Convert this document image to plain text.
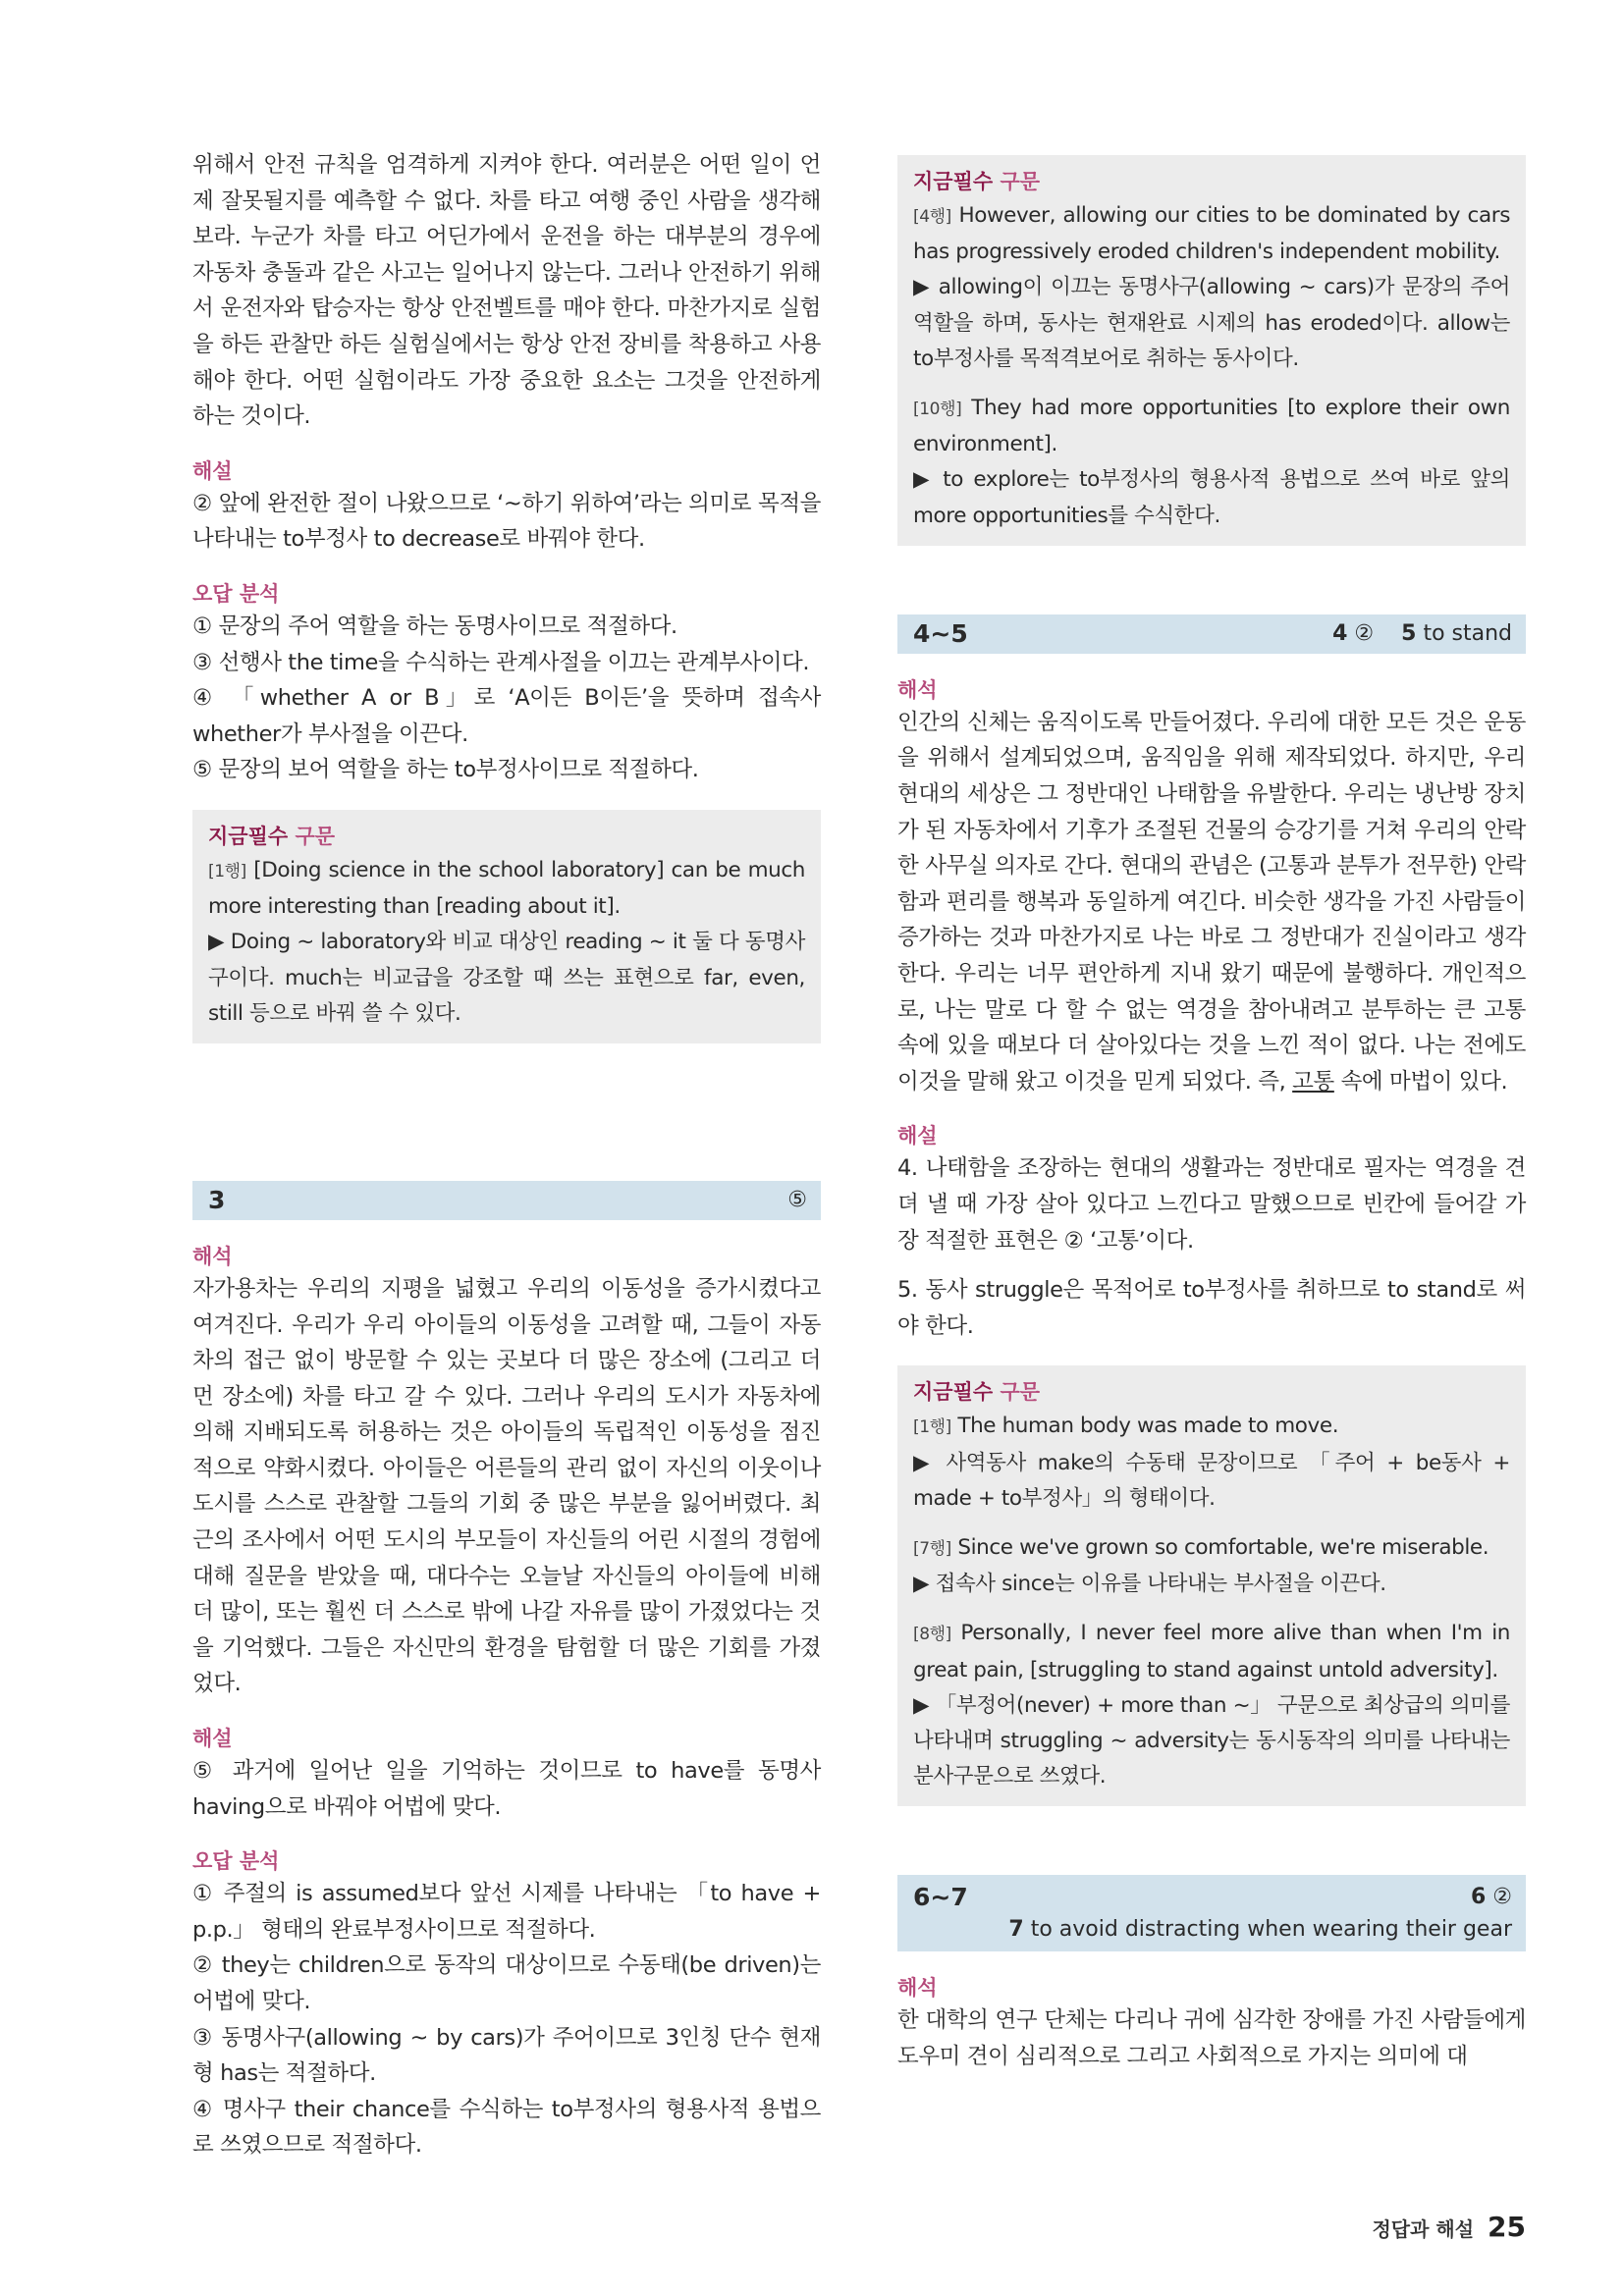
위해서 안전 규칙을 엄격하게 지켜야 한다. 여러분은 어떤 일이 언제 잘못될지를 예측할 수 없다. 차를 타고 여행 중인 사람을 생각해 보라. 누군가 차를 타고 어딘가에서 운전을 하는 대부분의 경우에 자동차 충돌과 같은 사고는 일어나지 않는다. 그러나 안전하기 위해서 운전자와 탑승자는 항상 안전벨트를 매야 한다. 마찬가지로 실험을 하든 관찰만 하든 실험실에서는 항상 안전 장비를 착용하고 사용해야 한다. 어떤 실험이라도 가장 중요한 요소는 그것을 안전하게 하는 것이다.

해설

② 앞에 완전한 절이 나왔으므로 ‘~하기 위하여’라는 의미로 목적을 나타내는 to부정사 to decrease로 바꿔야 한다.

오답 분석

① 문장의 주어 역할을 하는 동명사이므로 적절하다.

③ 선행사 the time을 수식하는 관계사절을 이끄는 관계부사이다.

④ 「whether A or B」로 ‘A이든 B이든’을 뜻하며 접속사 whether가 부사절을 이끈다.

⑤ 문장의 보어 역할을 하는 to부정사이므로 적절하다.

지금필수 구문

[1행] [Doing science in the school laboratory] can be much more interesting than [reading about it].

▶ Doing ~ laboratory와 비교 대상인 reading ~ it 둘 다 동명사구이다. much는 비교급을 강조할 때 쓰는 표현으로 far, even, still 등으로 바꿔 쓸 수 있다.

3	⑤

해석

자가용차는 우리의 지평을 넓혔고 우리의 이동성을 증가시켰다고 여겨진다. 우리가 우리 아이들의 이동성을 고려할 때, 그들이 자동차의 접근 없이 방문할 수 있는 곳보다 더 많은 장소에 (그리고 더 먼 장소에) 차를 타고 갈 수 있다. 그러나 우리의 도시가 자동차에 의해 지배되도록 허용하는 것은 아이들의 독립적인 이동성을 점진적으로 약화시켰다. 아이들은 어른들의 관리 없이 자신의 이웃이나 도시를 스스로 관찰할 그들의 기회 중 많은 부분을 잃어버렸다. 최근의 조사에서 어떤 도시의 부모들이 자신들의 어린 시절의 경험에 대해 질문을 받았을 때, 대다수는 오늘날 자신들의 아이들에 비해 더 많이, 또는 훨씬 더 스스로 밖에 나갈 자유를 많이 가졌었다는 것을 기억했다. 그들은 자신만의 환경을 탐험할 더 많은 기회를 가졌었다.

해설

⑤ 과거에 일어난 일을 기억하는 것이므로 to have를 동명사 having으로 바꿔야 어법에 맞다.

오답 분석

① 주절의 is assumed보다 앞선 시제를 나타내는 「to have + p.p.」 형태의 완료부정사이므로 적절하다.

② they는 children으로 동작의 대상이므로 수동태(be driven)는 어법에 맞다.

③ 동명사구(allowing ~ by cars)가 주어이므로 3인칭 단수 현재형 has는 적절하다.

④ 명사구 their chance를 수식하는 to부정사의 형용사적 용법으로 쓰였으므로 적절하다.

지금필수 구문

[4행] However, allowing our cities to be dominated by cars has progressively eroded children's independent mobility.

▶ allowing이 이끄는 동명사구(allowing ~ cars)가 문장의 주어 역할을 하며, 동사는 현재완료 시제의 has eroded이다. allow는 to부정사를 목적격보어로 취하는 동사이다.

[10행] They had more opportunities [to explore their own environment].

▶ to explore는 to부정사의 형용사적 용법으로 쓰여 바로 앞의 more opportunities를 수식한다.

4~5	4 ② 5 to stand

해석

인간의 신체는 움직이도록 만들어졌다. 우리에 대한 모든 것은 운동을 위해서 설계되었으며, 움직임을 위해 제작되었다. 하지만, 우리 현대의 세상은 그 정반대인 나태함을 유발한다. 우리는 냉난방 장치가 된 자동차에서 기후가 조절된 건물의 승강기를 거쳐 우리의 안락한 사무실 의자로 간다. 현대의 관념은 (고통과 분투가 전무한) 안락함과 편리를 행복과 동일하게 여긴다. 비슷한 생각을 가진 사람들이 증가하는 것과 마찬가지로 나는 바로 그 정반대가 진실이라고 생각한다. 우리는 너무 편안하게 지내 왔기 때문에 불행하다. 개인적으로, 나는 말로 다 할 수 없는 역경을 참아내려고 분투하는 큰 고통 속에 있을 때보다 더 살아있다는 것을 느낀 적이 없다. 나는 전에도 이것을 말해 왔고 이것을 믿게 되었다. 즉, 고통 속에 마법이 있다.

해설

4. 나태함을 조장하는 현대의 생활과는 정반대로 필자는 역경을 견뎌 낼 때 가장 살아 있다고 느낀다고 말했으므로 빈칸에 들어갈 가장 적절한 표현은 ② ‘고통’이다.

5. 동사 struggle은 목적어로 to부정사를 취하므로 to stand로 써야 한다.

지금필수 구문

[1행] The human body was made to move.

▶ 사역동사 make의 수동태 문장이므로 「주어 + be동사 + made + to부정사」의 형태이다.

[7행] Since we've grown so comfortable, we're miserable.

▶ 접속사 since는 이유를 나타내는 부사절을 이끈다.

[8행] Personally, I never feel more alive than when I'm in great pain, [struggling to stand against untold adversity].

▶ 「부정어(never) + more than ~」 구문으로 최상급의 의미를 나타내며 struggling ~ adversity는 동시동작의 의미를 나타내는 분사구문으로 쓰였다.

6~7	6 ②
7 to avoid distracting when wearing their gear

해석

한 대학의 연구 단체는 다리나 귀에 심각한 장애를 가진 사람들에게 도우미 견이 심리적으로 그리고 사회적으로 가지는 의미에 대

정답과 해설 25
